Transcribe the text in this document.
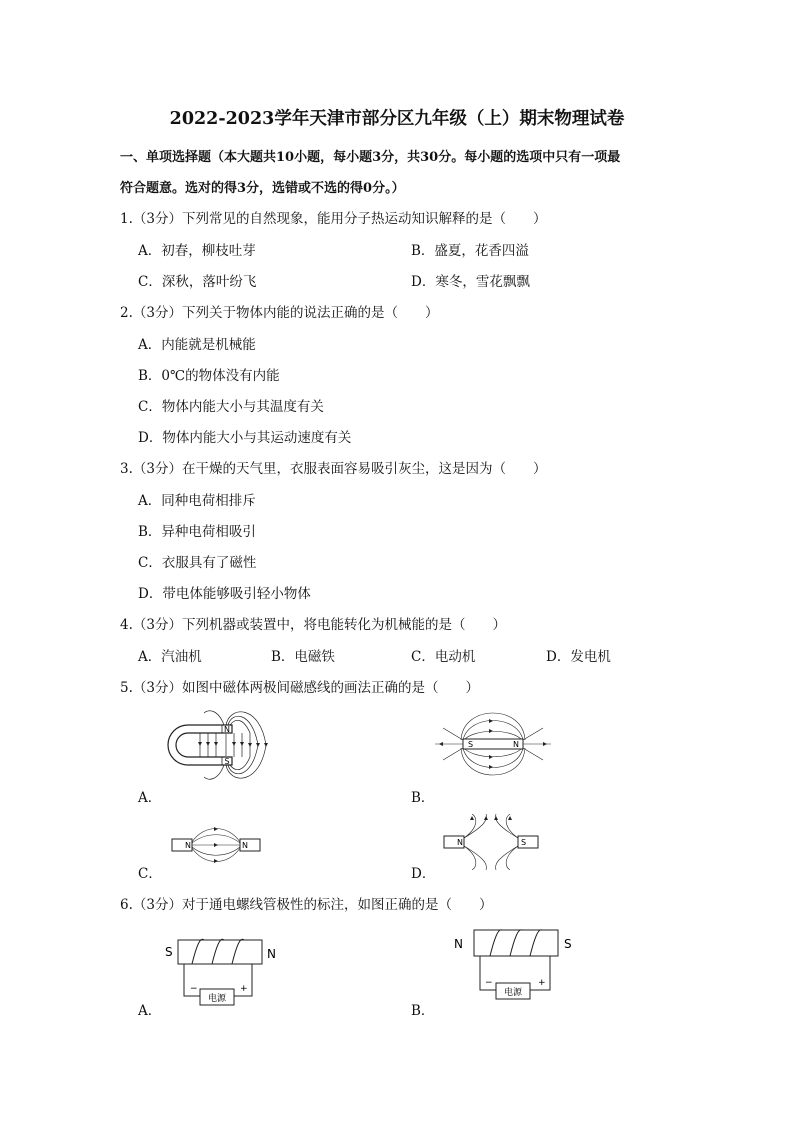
2022-2023学年天津市部分区九年级（上）期末物理试卷
一、单项选择题（本大题共10小题，每小题3分，共30分。每小题的选项中只有一项最
符合题意。选对的得3分，选错或不选的得0分。）
1.（3分）下列常见的自然现象，能用分子热运动知识解释的是（　　）
A．初春，柳枝吐芽	B．盛夏，花香四溢
C．深秋，落叶纷飞	D．寒冬，雪花飘飘
2.（3分）下列关于物体内能的说法正确的是（　　）
A．内能就是机械能
B．0℃的物体没有内能
C．物体内能大小与其温度有关
D．物体内能大小与其运动速度有关
3.（3分）在干燥的天气里，衣服表面容易吸引灰尘，这是因为（　　）
A．同种电荷相排斥
B．异种电荷相吸引
C．衣服具有了磁性
D．带电体能够吸引轻小物体
4.（3分）下列机器或装置中，将电能转化为机械能的是（　　）
A．汽油机	B．电磁铁	C．电动机	D．发电机
5.（3分）如图中磁体两极间磁感线的画法正确的是（　　）
N
S
A．
S	N
B．
N	N
C．
N	S
D．
6.（3分）对于通电螺线管极性的标注，如图正确的是（　　）
电源
−	+
S	N
A．
电源
−	+
N	S
B．
